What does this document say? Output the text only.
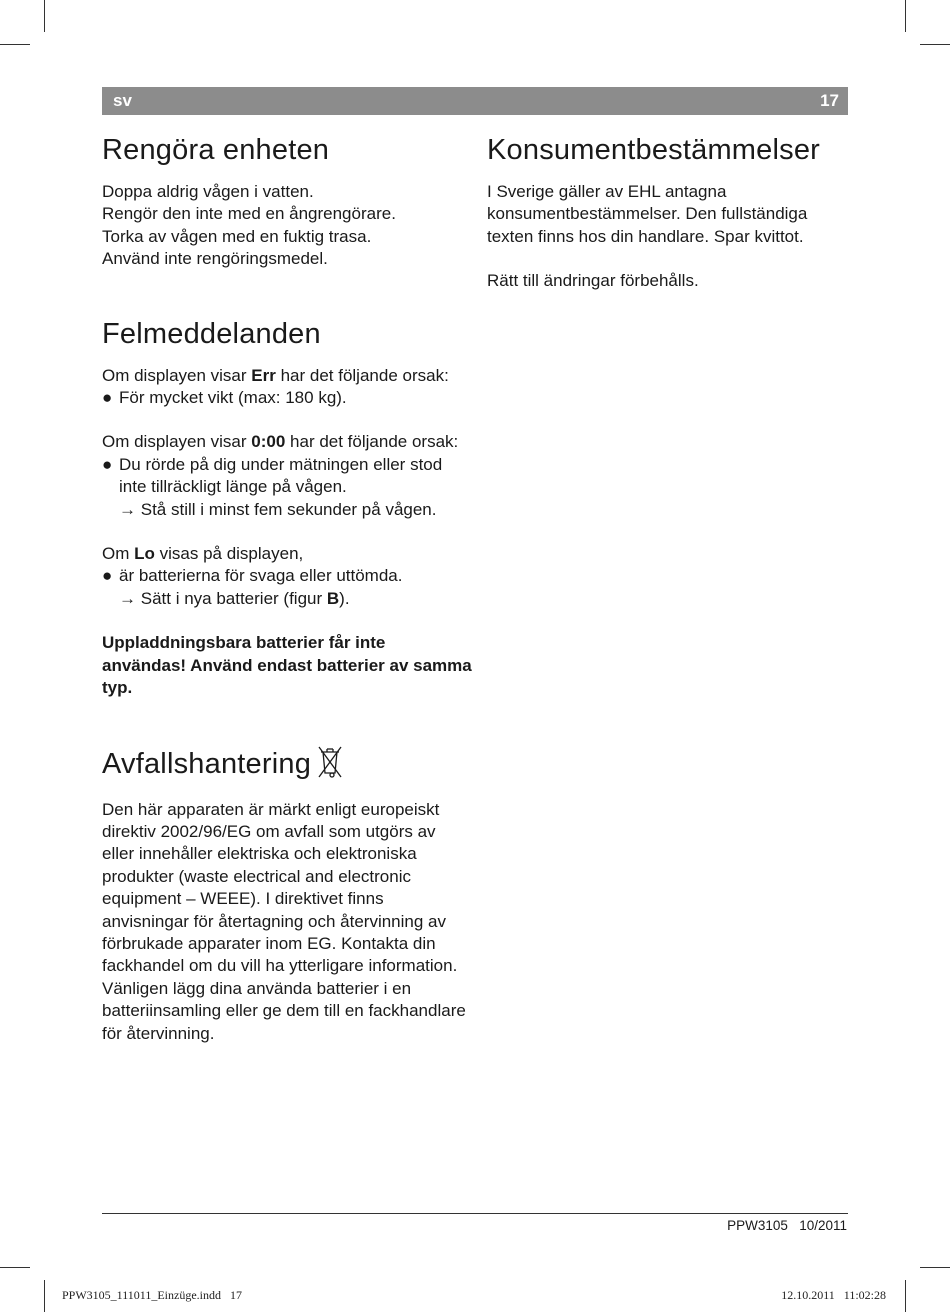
sv	17
Rengöra enheten

Doppa aldrig vågen i vatten.

Rengör den inte med en ångrengörare.

Torka av vågen med en fuktig trasa.

Använd inte rengöringsmedel.

Felmeddelanden

Om displayen visar Err har det följande orsak:

● För mycket vikt (max: 180 kg).

Om displayen visar 0:00 har det följande orsak:

● Du rörde på dig under mätningen eller stod inte tillräckligt länge på vågen.
→ Stå still i minst fem sekunder på vågen.

Om Lo visas på displayen,

● är batterierna för svaga eller uttömda.
→ Sätt i nya batterier (figur B).

Uppladdningsbara batterier får inte användas! Använd endast batterier av samma typ.

Avfallshantering

Den här apparaten är märkt enligt europeiskt direktiv 2002/96/EG om avfall som utgörs av eller innehåller elektriska och elektroniska produkter (waste electrical and electronic equipment – WEEE). I direktivet finns anvisningar för återtagning och återvinning av förbrukade apparater inom EG. Kontakta din fackhandel om du vill ha ytterligare information.

Vänligen lägg dina använda batterier i en batteriinsamling eller ge dem till en fackhandlare för återvinning.

Konsumentbestämmelser

I Sverige gäller av EHL antagna konsumentbestämmelser. Den fullständiga texten finns hos din handlare. Spar kvittot.

Rätt till ändringar förbehålls.

PPW3105 10/2011
PPW3105_111011_Einzüge.indd   17	12.10.2011   11:02:28
